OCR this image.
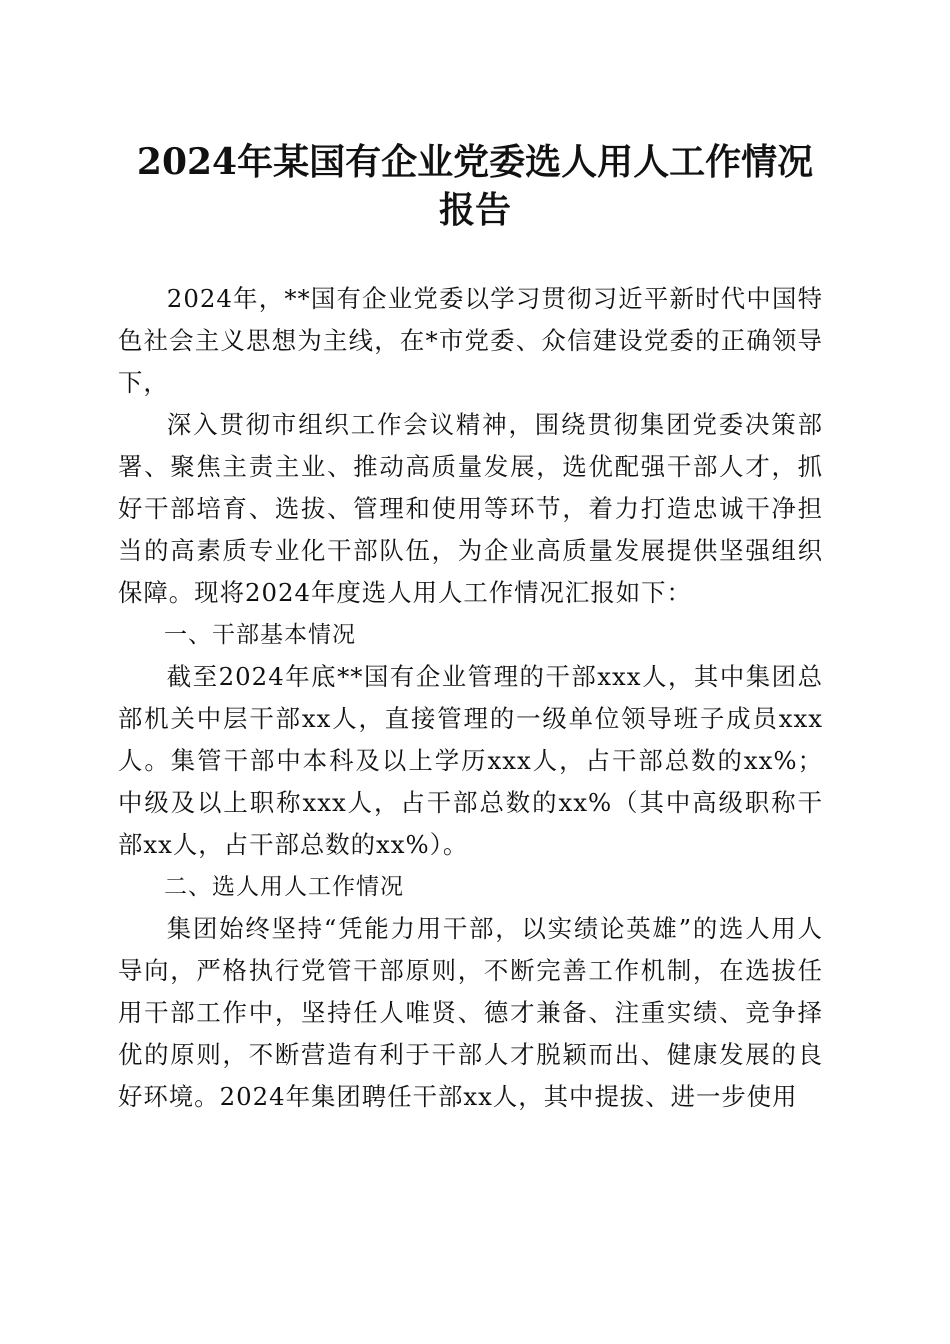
2024年某国有企业党委选人用人工作情况报告

2024年，**国有企业党委以学习贯彻习近平新时代中国特色社会主义思想为主线，在*市党委、众信建设党委的正确领导下，

深入贯彻市组织工作会议精神，围绕贯彻集团党委决策部署、聚焦主责主业、推动高质量发展，选优配强干部人才，抓好干部培育、选拔、管理和使用等环节，着力打造忠诚干净担当的高素质专业化干部队伍，为企业高质量发展提供坚强组织保障。现将2024年度选人用人工作情况汇报如下：

一、干部基本情况

截至2024年底**国有企业管理的干部xxx人，其中集团总部机关中层干部xx人，直接管理的一级单位领导班子成员xxx人。集管干部中本科及以上学历xxx人，占干部总数的xx%；中级及以上职称xxx人，占干部总数的xx%（其中高级职称干部xx人，占干部总数的xx%）。

二、选人用人工作情况

集团始终坚持“凭能力用干部，以实绩论英雄”的选人用人导向，严格执行党管干部原则，不断完善工作机制，在选拔任用干部工作中，坚持任人唯贤、德才兼备、注重实绩、竞争择优的原则，不断营造有利于干部人才脱颖而出、健康发展的良好环境。2024年集团聘任干部xx人，其中提拔、进一步使用
